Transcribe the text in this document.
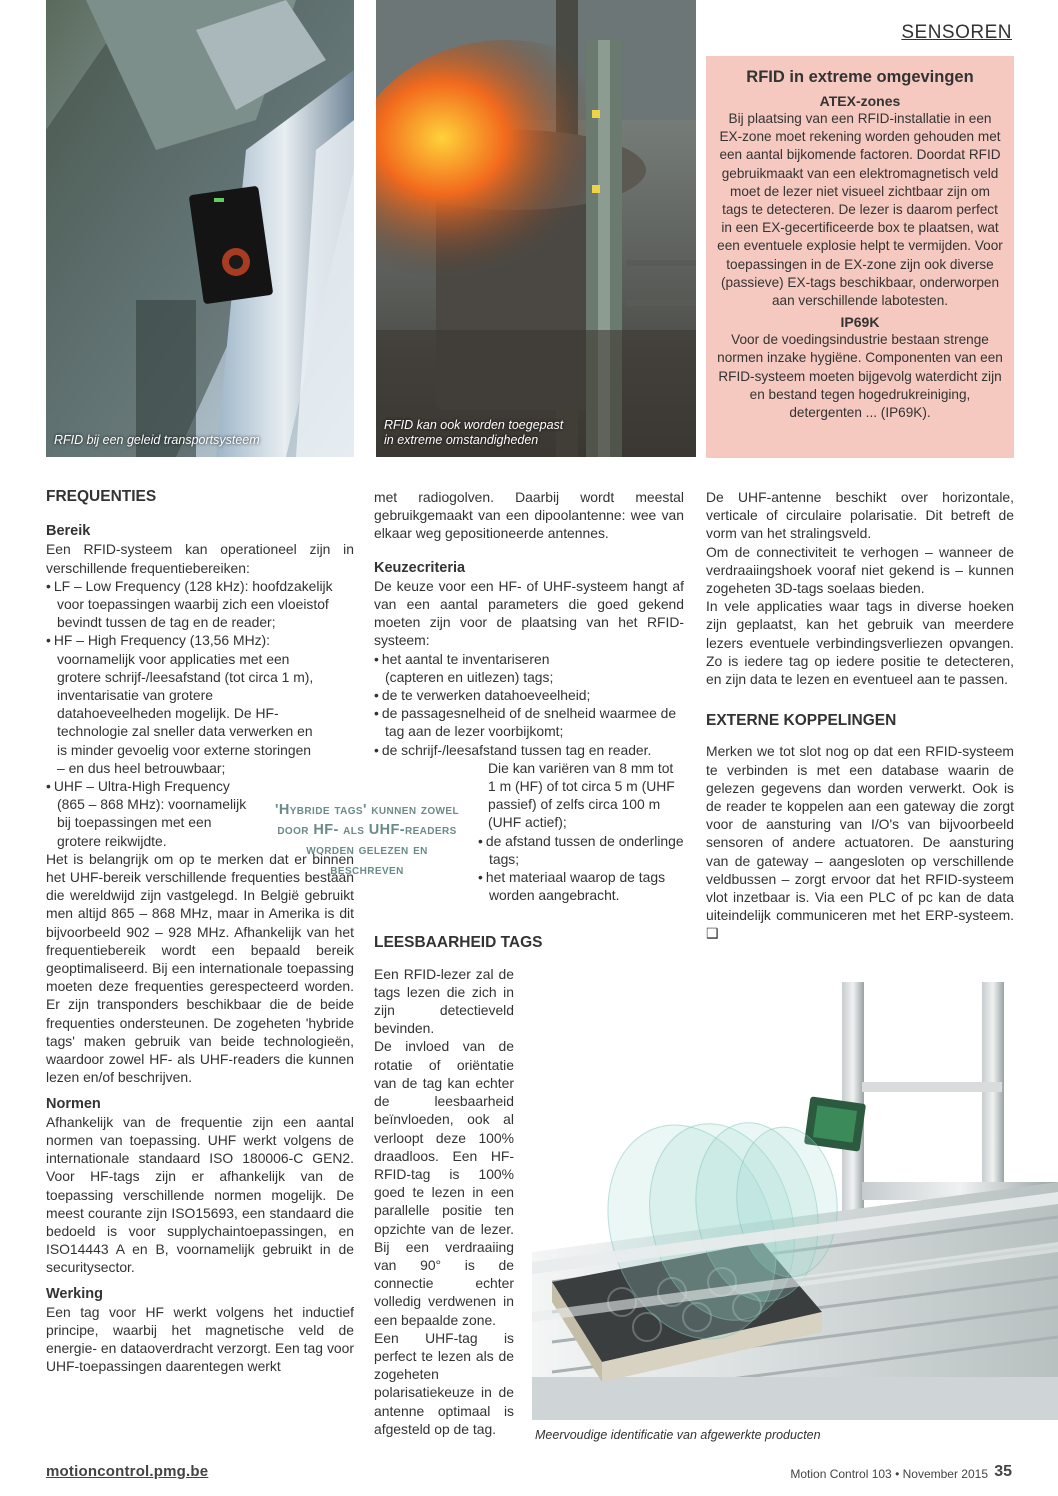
SENSOREN
RFID bij een geleid transportsysteem
RFID kan ook worden toegepast
in extreme omstandigheden
RFID in extreme omgevingen
ATEX-zones

Bij plaatsing van een RFID-installatie in een EX-zone moet rekening worden gehouden met een aantal bijkomende factoren. Doordat RFID gebruikmaakt van een elektromagnetisch veld moet de lezer niet visueel zichtbaar zijn om tags te detecteren. De lezer is daarom perfect in een EX-gecertificeerde box te plaatsen, wat een eventuele explosie helpt te vermijden. Voor toepassingen in de EX-zone zijn ook diverse (passieve) EX-tags beschikbaar, onderworpen aan verschillende labotesten.

IP69K

Voor de voedingsindustrie bestaan strenge normen inzake hygiëne. Componenten van een RFID-systeem moeten bijgevolg waterdicht zijn en bestand tegen hogedrukreiniging, detergenten ... (IP69K).

FREQUENTIES
Bereik

Een RFID-systeem kan operationeel zijn in verschillende frequentiebereiken:

• LF – Low Frequency (128 kHz): hoofdzakelijk voor toepassingen waarbij zich een vloeistof bevindt tussen de tag en de reader;
• HF – High Frequency (13,56 MHz): voornamelijk voor applicaties met een grotere schrijf-/leesafstand (tot circa 1 m), inventarisatie van grotere datahoeveelheden mogelijk. De HF-technologie zal sneller data verwerken en is minder gevoelig voor externe storingen – en dus heel betrouwbaar;
• UHF – Ultra-High Frequency (865 – 868 MHz): voornamelijk bij toepassingen met een grotere reikwijdte.

Het is belangrijk om op te merken dat er binnen het UHF-bereik verschillende frequenties bestaan die wereldwijd zijn vastgelegd. In België gebruikt men altijd 865 – 868 MHz, maar in Amerika is dit bijvoorbeeld 902 – 928 MHz. Afhankelijk van het frequentiebereik wordt een bepaald bereik geoptimaliseerd. Bij een internationale toepassing moeten deze frequenties gerespecteerd worden. Er zijn transponders beschikbaar die de beide frequenties ondersteunen. De zogeheten 'hybride tags' maken gebruik van beide technologieën, waardoor zowel HF- als UHF-readers die kunnen lezen en/of beschrijven.

Normen

Afhankelijk van de frequentie zijn een aantal normen van toepassing. UHF werkt volgens de internationale standaard ISO 180006-C GEN2. Voor HF-tags zijn er afhankelijk van de toepassing verschillende normen mogelijk. De meest courante zijn ISO15693, een standaard die bedoeld is voor supplychaintoepassingen, en ISO14443 A en B, voornamelijk gebruikt in de securitysector.

Werking

Een tag voor HF werkt volgens het inductief principe, waarbij het magnetische veld de energie- en dataoverdracht verzorgt. Een tag voor UHF-toepassingen daarentegen werkt

'Hybride tags' kunnen zowel door HF- als UHF-readers worden gelezen en beschreven

met radiogolven. Daarbij wordt meestal gebruikgemaakt van een dipoolantenne: wee van elkaar weg gepositioneerde antennes.

Keuzecriteria

De keuze voor een HF- of UHF-systeem hangt af van een aantal parameters die goed gekend moeten zijn voor de plaatsing van het RFID- systeem:

• het aantal te inventariseren (capteren en uitlezen) tags;
• de te verwerken datahoeveelheid;
• de passagesnelheid of de snelheid waarmee de tag aan de lezer voorbijkomt;
• de schrijf-/leesafstand tussen tag en reader.

Die kan variëren van 8 mm tot 1 m (HF) of tot circa 5 m (UHF passief) of zelfs circa 100 m (UHF actief);

• de afstand tussen de onderlinge tags;
• het materiaal waarop de tags worden aangebracht.
LEESBAARHEID TAGS

Een RFID-lezer zal de tags lezen die zich in zijn detectieveld bevinden.

De invloed van de rotatie of oriëntatie van de tag kan echter de leesbaarheid beïnvloeden, ook al verloopt deze 100% draadloos. Een HF-RFID-tag is 100% goed te lezen in een parallelle positie ten opzichte van de lezer. Bij een verdraaiing van 90° is de connectie echter volledig verdwenen in een bepaalde zone.

Een UHF-tag is perfect te lezen als de zogeheten polarisatiekeuze in de antenne optimaal is afgesteld op de tag.

De UHF-antenne beschikt over horizontale, verticale of circulaire polarisatie. Dit betreft de vorm van het stralingsveld.

Om de connectiviteit te verhogen – wanneer de verdraaiingshoek vooraf niet gekend is – kunnen zogeheten 3D-tags soelaas bieden.

In vele applicaties waar tags in diverse hoeken zijn geplaatst, kan het gebruik van meerdere lezers eventuele verbindingsverliezen opvangen. Zo is iedere tag op iedere positie te detecteren, en zijn data te lezen en eventueel aan te passen.

EXTERNE KOPPELINGEN

Merken we tot slot nog op dat een RFID-systeem te verbinden is met een database waarin de gelezen gegevens dan worden verwerkt. Ook is de reader te koppelen aan een gateway die zorgt voor de aansturing van I/O's van bijvoorbeeld sensoren of andere actuatoren. De aansturing van de gateway – aangesloten op verschillende veldbussen – zorgt ervoor dat het RFID-systeem vlot inzetbaar is. Via een PLC of pc kan de data uiteindelijk communiceren met het ERP-systeem. ❑

Meervoudige identificatie van afgewerkte producten
motioncontrol.pmg.be	Motion Control 103 • November 2015 35
